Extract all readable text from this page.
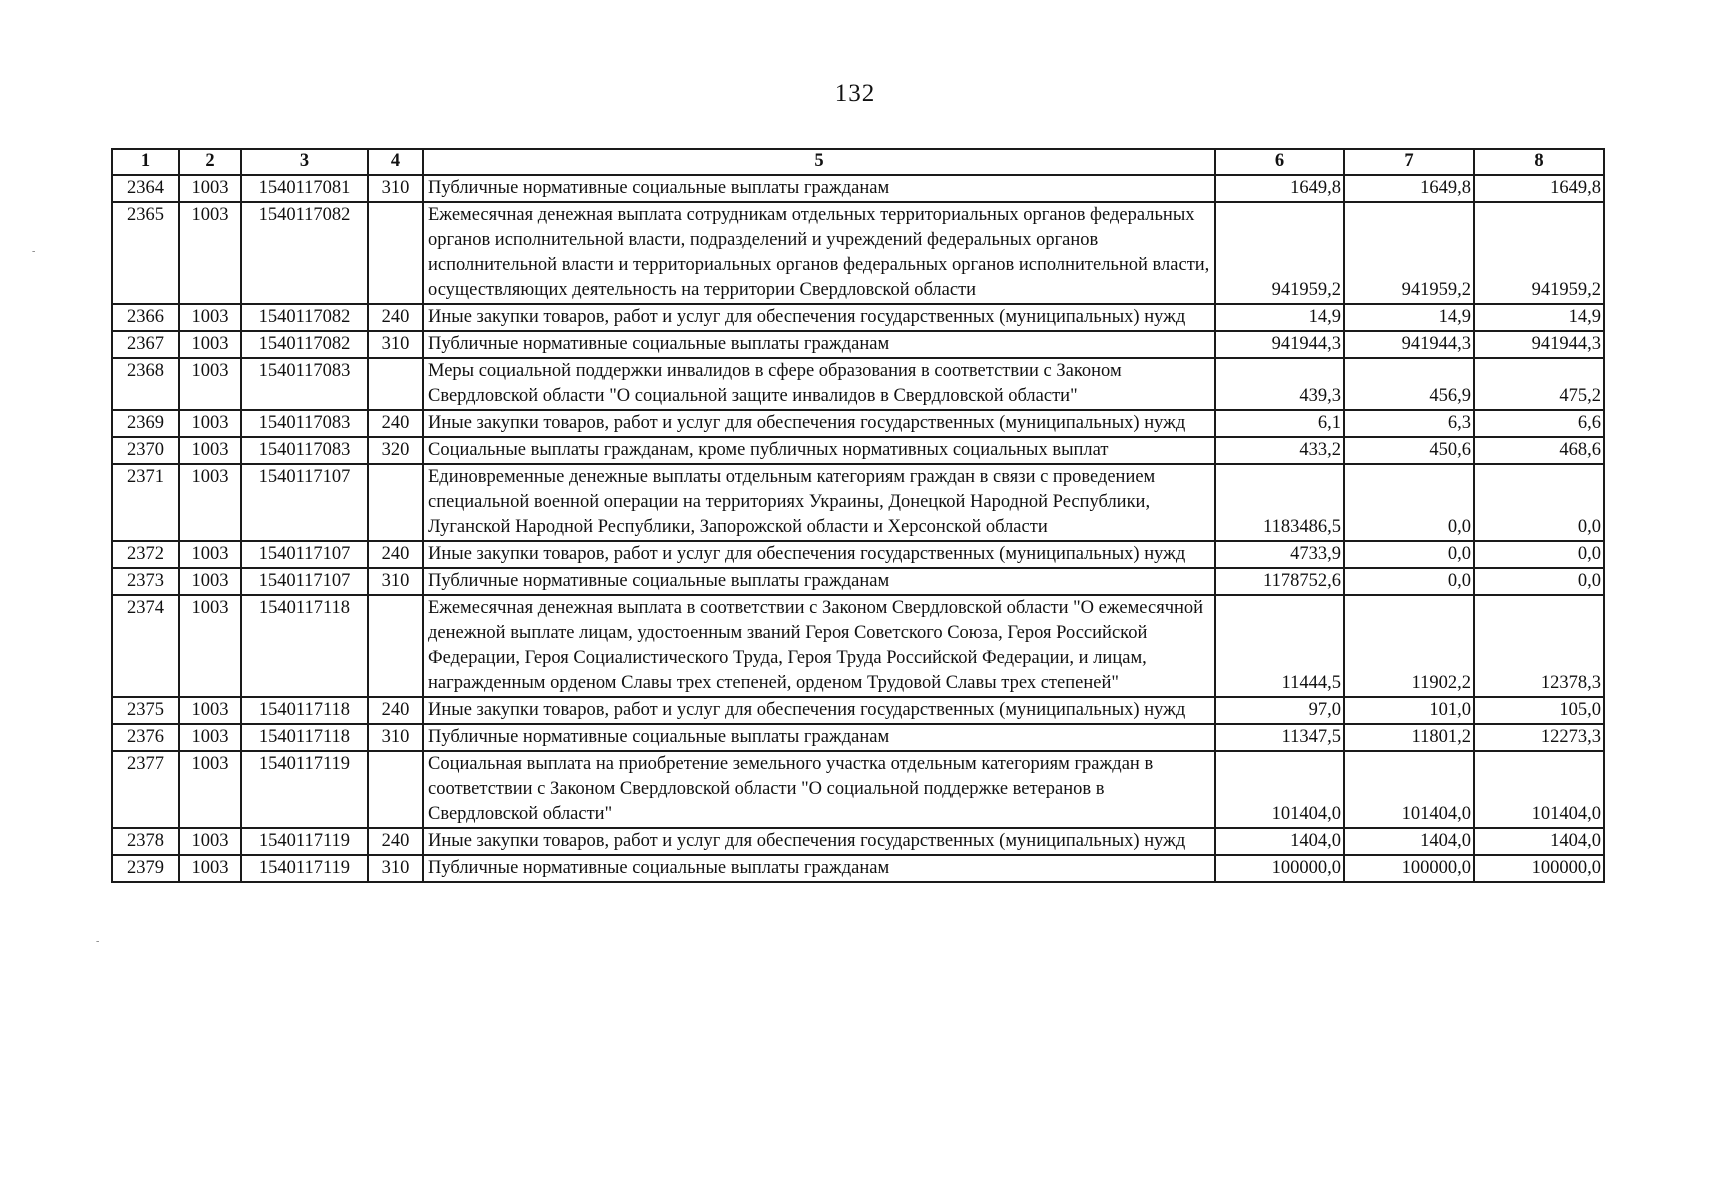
132
-
-
1	2	3	4	5	6	7	8
2364	1003	1540117081	310	Публичные нормативные социальные выплаты гражданам	1649,8	1649,8	1649,8
2365	1003	1540117082		Ежемесячная денежная выплата сотрудникам отдельных территориальных органов федеральных органов исполнительной власти, подразделений и учреждений федеральных органов исполнительной власти и территориальных органов федеральных органов исполнительной власти, осуществляющих деятельность на территории Свердловской области	941959,2	941959,2	941959,2
2366	1003	1540117082	240	Иные закупки товаров, работ и услуг для обеспечения государственных (муниципальных) нужд	14,9	14,9	14,9
2367	1003	1540117082	310	Публичные нормативные социальные выплаты гражданам	941944,3	941944,3	941944,3
2368	1003	1540117083		Меры социальной поддержки инвалидов в сфере образования в соответствии с Законом Свердловской области "О социальной защите инвалидов в Свердловской области"	439,3	456,9	475,2
2369	1003	1540117083	240	Иные закупки товаров, работ и услуг для обеспечения государственных (муниципальных) нужд	6,1	6,3	6,6
2370	1003	1540117083	320	Социальные выплаты гражданам, кроме публичных нормативных социальных выплат	433,2	450,6	468,6
2371	1003	1540117107		Единовременные денежные выплаты отдельным категориям граждан в связи с проведением специальной военной операции на территориях Украины, Донецкой Народной Республики, Луганской Народной Республики, Запорожской области и Херсонской области	1183486,5	0,0	0,0
2372	1003	1540117107	240	Иные закупки товаров, работ и услуг для обеспечения государственных (муниципальных) нужд	4733,9	0,0	0,0
2373	1003	1540117107	310	Публичные нормативные социальные выплаты гражданам	1178752,6	0,0	0,0
2374	1003	1540117118		Ежемесячная денежная выплата в соответствии с Законом Свердловской области "О ежемесячной денежной выплате лицам, удостоенным званий Героя Советского Союза, Героя Российской Федерации, Героя Социалистического Труда, Героя Труда Российской Федерации, и лицам, награжденным орденом Славы трех степеней, орденом Трудовой Славы трех степеней"	11444,5	11902,2	12378,3
2375	1003	1540117118	240	Иные закупки товаров, работ и услуг для обеспечения государственных (муниципальных) нужд	97,0	101,0	105,0
2376	1003	1540117118	310	Публичные нормативные социальные выплаты гражданам	11347,5	11801,2	12273,3
2377	1003	1540117119		Социальная выплата на приобретение земельного участка отдельным категориям граждан в соответствии с Законом Свердловской области "О социальной поддержке ветеранов в Свердловской области"	101404,0	101404,0	101404,0
2378	1003	1540117119	240	Иные закупки товаров, работ и услуг для обеспечения государственных (муниципальных) нужд	1404,0	1404,0	1404,0
2379	1003	1540117119	310	Публичные нормативные социальные выплаты гражданам	100000,0	100000,0	100000,0
